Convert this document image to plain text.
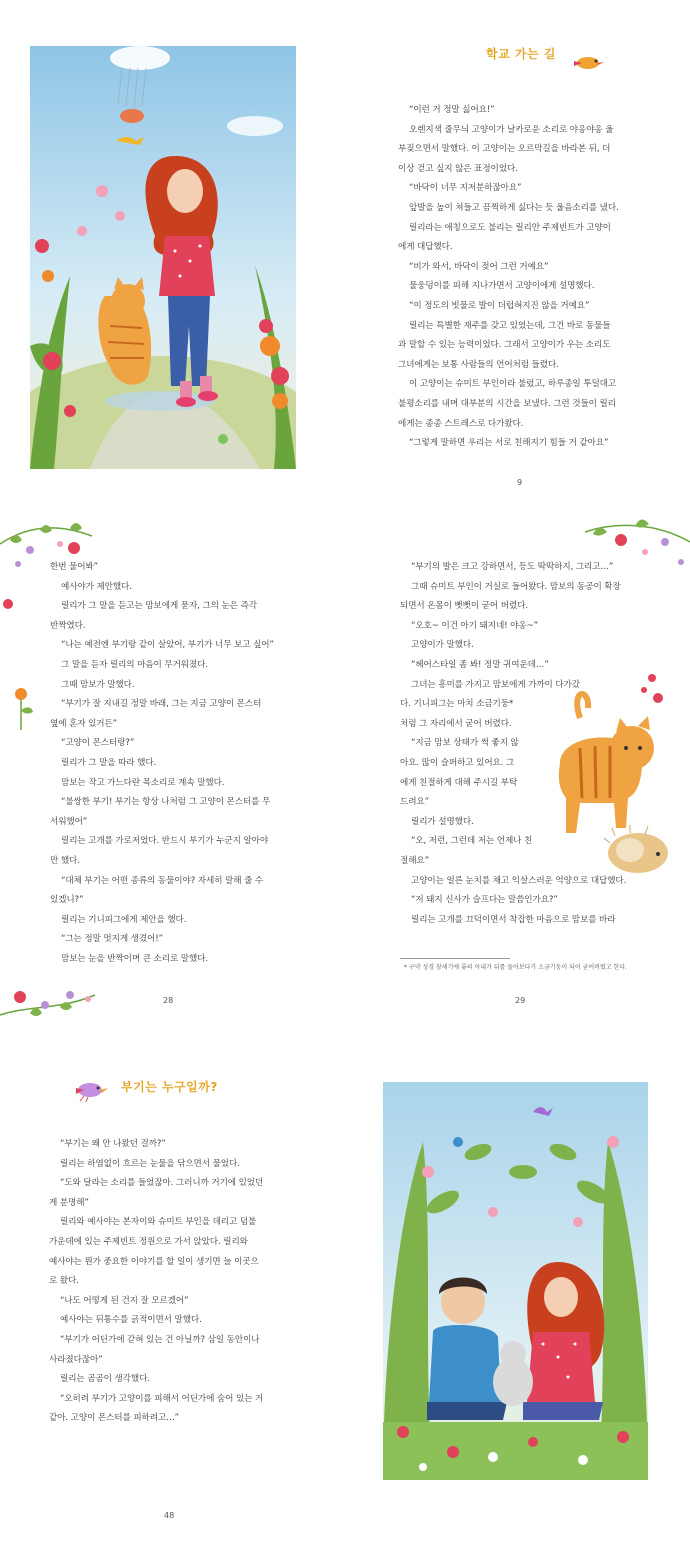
학교 가는 길

“이런 거 정말 싫어요!”

오렌지색 줄무늬 고양이가 날카로운 소리로 야옹야옹 울

부짖으면서 말했다. 이 고양이는 오르막길을 바라본 뒤, 더

이상 걷고 싶지 않은 표정이었다.

“바닥이 너무 지저분하잖아요”

앞발을 높이 쳐들고 끔찍하게 싫다는 듯 울음소리를 냈다.

릴리라는 애칭으로도 불리는 릴리안 주제빈트가 고양이

에게 대답했다.

“비가 와서, 바닥이 젖어 그런 거예요”

물웅덩이를 피해 지나가면서 고양이에게 설명했다.

“이 정도의 빗물로 발이 더럽혀지진 않을 거예요”

릴리는 특별한 재주를 갖고 있었는데, 그건 바로 동물들

과 말할 수 있는 능력이었다. 그래서 고양이가 우는 소리도

그녀에게는 보통 사람들의 언어처럼 들렸다.

이 고양이는 슈미트 부인이라 불렀고, 하루종일 투덜대고

불평소리를 내며 대부분의 시간을 보냈다. 그런 것들이 릴리

에게는 종종 스트레스로 다가왔다.

“그렇게 말하면 우리는 서로 친해지기 힘들 거 같아요”

9

한번 물어봐”

예사야가 제안했다.

릴리가 그 말을 듣고는 맘보에게 묻자, 그의 눈은 즉각

반짝였다.

“나는 예전엔 부기랑 같이 살았어, 부기가 너무 보고 싶어”

그 말을 듣자 릴리의 마음이 무거워졌다.

그때 맘보가 말했다.

“부기가 잘 지내길 정말 바래, 그는 지금 고양이 몬스터

옆에 혼자 있거든”

“고양이 몬스터랑?”

릴리가 그 말을 따라 했다.

맘보는 작고 가느다란 목소리로 계속 말했다.

“불쌍한 부기! 부기는 항상 나처럼 그 고양이 몬스터를 무

서워했어”

릴리는 고개를 가로저었다. 반드시 부기가 누군지 알아야

만 했다.

“대체 부기는 어떤 종류의 동물이야? 자세히 말해 줄 수

있겠니?”

릴리는 기니피그에게 제안을 했다.

“그는 정말 멋지게 생겼어!”

맘보는 눈을 반짝이며 큰 소리로 말했다.

28

“부기의 발은 크고 강하면서, 등도 딱딱하지, 그리고…”

그때 슈미트 부인이 거실로 들어왔다. 맘보의 동공이 확장

되면서 온몸이 뻣뻣이 굳어 버렸다.

“오호~ 이건 아기 돼지네! 야옹~”

고양이가 말했다.

“헤어스타일 좀 봐! 정말 귀여운데…”

그녀는 흥미를 가지고 맘보에게 가까이 다가갔

다. 기니피그는 마치 소금기둥*

처럼 그 자리에서 굳어 버렸다.

“지금 맘보 상태가 썩 좋지 않

아요. 많이 슬퍼하고 있어요. 그

에게 친절하게 대해 주시길 부탁

드려요”

릴리가 설명했다.

“오, 저런, 그런데 저는 언제나 친

절해요”

고양이는 얼른 눈치를 채고 익살스러운 억양으로 대답했다.

“저 돼지 신사가 슬프다는 말씀인가요?”

릴리는 고개를 끄덕이면서 착잡한 마음으로 맘보를 바라

* 구약 성경 창세기에 롯의 아내가 뒤를 돌아보다가 소금기둥이 되어 굳어버렸고 한다.
29
부기는 누구일까?

“부기는 왜 안 나왔던 걸까?”

릴리는 하염없이 흐르는 눈물을 닦으면서 물었다.

“도와 달라는 소리를 들었잖아. 그러니까 거기에 있었던

게 분명해”

릴리와 예사야는 본자이와 슈미트 부인을 데리고 덤불

가운데에 있는 주제빈트 정원으로 가서 앉았다. 릴리와

예사야는 뭔가 중요한 이야기를 할 일이 생기면 늘 이곳으

로 왔다.

“나도 어떻게 된 건지 잘 모르겠어”

예사야는 뒤통수를 긁적이면서 말했다.

“부기가 어딘가에 갇혀 있는 건 아닐까? 삼일 동안이나

사라졌다잖아”

릴리는 곰곰이 생각했다.

“오히려 부기가 고양이를 피해서 어딘가에 숨어 있는 거

같아. 고양이 몬스터를 피하려고…”

48
